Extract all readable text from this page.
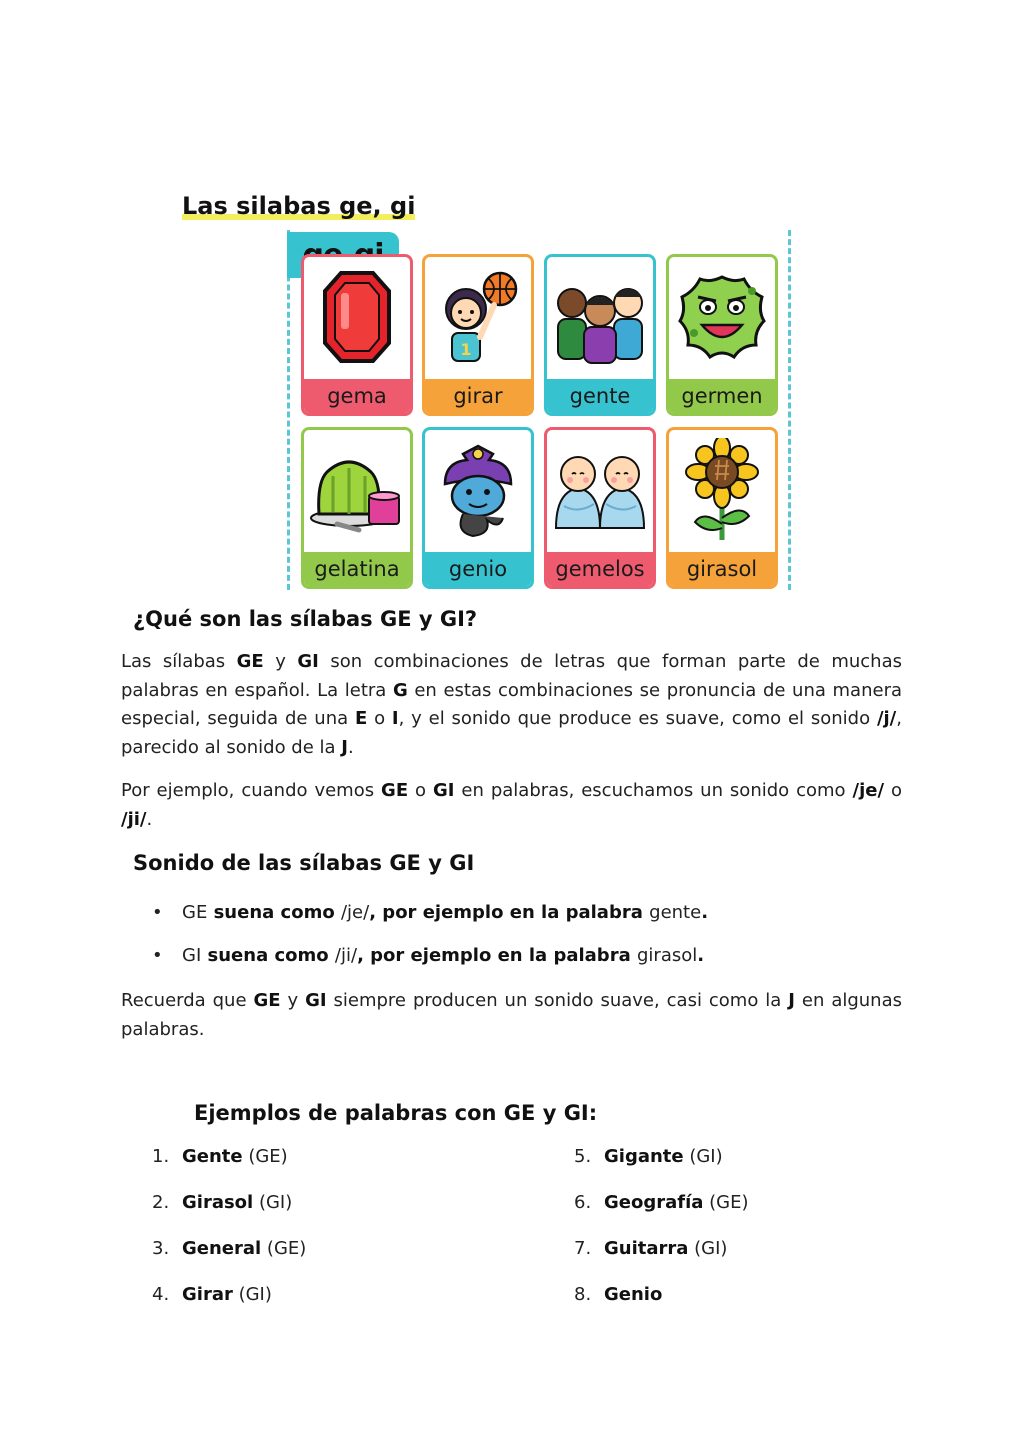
Las silabas ge, gi
gema
1
girar	gente	germen
gelatina	genio	gemelos	girasol
¿Qué son las sílabas GE y GI?

Las sílabas GE y GI son combinaciones de letras que forman parte de muchas palabras en español. La letra G en estas combinaciones se pronuncia de una manera especial, seguida de una E o I, y el sonido que produce es suave, como el sonido /j/, parecido al sonido de la J.

Por ejemplo, cuando vemos GE o GI en palabras, escuchamos un sonido como /je/ o /ji/.

Sonido de las sílabas GE y GI
• GE suena como /je/, por ejemplo en la palabra gente.
• GI suena como /ji/, por ejemplo en la palabra girasol.

Recuerda que GE y GI siempre producen un sonido suave, casi como la J en algunas palabras.

Ejemplos de palabras con GE y GI:
1. Gente (GE)
2. Girasol (GI)
3. General (GE)
4. Girar (GI)
5. Gigante (GI)
6. Geografía (GE)
7. Guitarra (GI)
8. Genio
